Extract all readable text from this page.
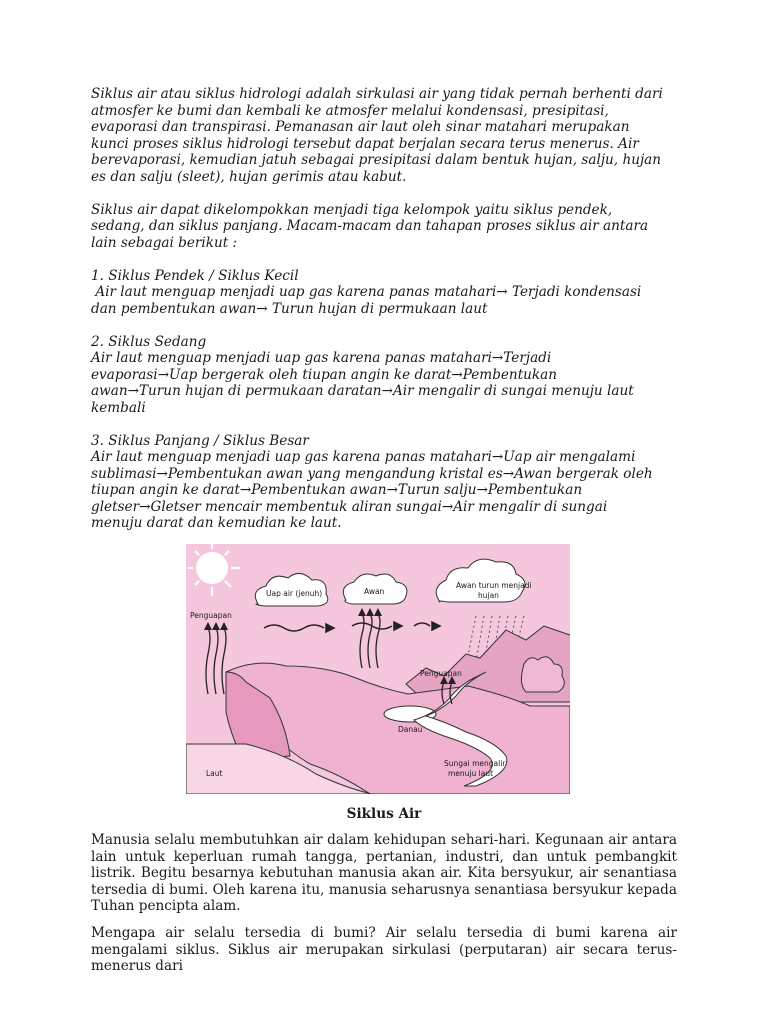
Siklus air atau siklus hidrologi adalah sirkulasi air yang tidak pernah berhenti dari

atmosfer ke bumi dan kembali ke atmosfer melalui kondensasi, presipitasi,

evaporasi dan transpirasi. Pemanasan air laut oleh sinar matahari merupakan

kunci proses siklus hidrologi tersebut dapat berjalan secara terus menerus. Air

berevaporasi, kemudian jatuh sebagai presipitasi dalam bentuk hujan, salju, hujan

es dan salju (sleet), hujan gerimis atau kabut.

Siklus air dapat dikelompokkan menjadi tiga kelompok yaitu siklus pendek,

sedang, dan siklus panjang. Macam-macam dan tahapan proses siklus air antara

lain sebagai berikut :

1. Siklus Pendek / Siklus Kecil

Air laut menguap menjadi uap gas karena panas matahari→ Terjadi kondensasi

dan pembentukan awan→ Turun hujan di permukaan laut

2. Siklus Sedang

Air laut menguap menjadi uap gas karena panas matahari→Terjadi

evaporasi→Uap bergerak oleh tiupan angin ke darat→Pembentukan

awan→Turun hujan di permukaan daratan→Air mengalir di sungai menuju laut

kembali

3. Siklus Panjang / Siklus Besar

Air laut menguap menjadi uap gas karena panas matahari→Uap air mengalami

sublimasi→Pembentukan awan yang mengandung kristal es→Awan bergerak oleh

tiupan angin ke darat→Pembentukan awan→Turun salju→Pembentukan

gletser→Gletser mencair membentuk aliran sungai→Air mengalir di sungai

menuju darat dan kemudian ke laut.

Penguapan
Uap air (jenuh)	Awan
Awan turun menjadi
hujan
Penguapan
Danau
Sungai mengalir
menuju laut
Laut

Siklus Air

Manusia selalu membutuhkan air dalam kehidupan sehari-hari. Kegunaan air antara lain untuk keperluan rumah tangga, pertanian, industri, dan untuk pembangkit listrik. Begitu besarnya kebutuhan manusia akan air. Kita bersyukur, air senantiasa tersedia di bumi. Oleh karena itu, manusia seharusnya senantiasa bersyukur kepada Tuhan pencipta alam.

Mengapa air selalu tersedia di bumi? Air selalu tersedia di bumi karena air mengalami siklus. Siklus air merupakan sirkulasi (perputaran) air secara terus-menerus dari
